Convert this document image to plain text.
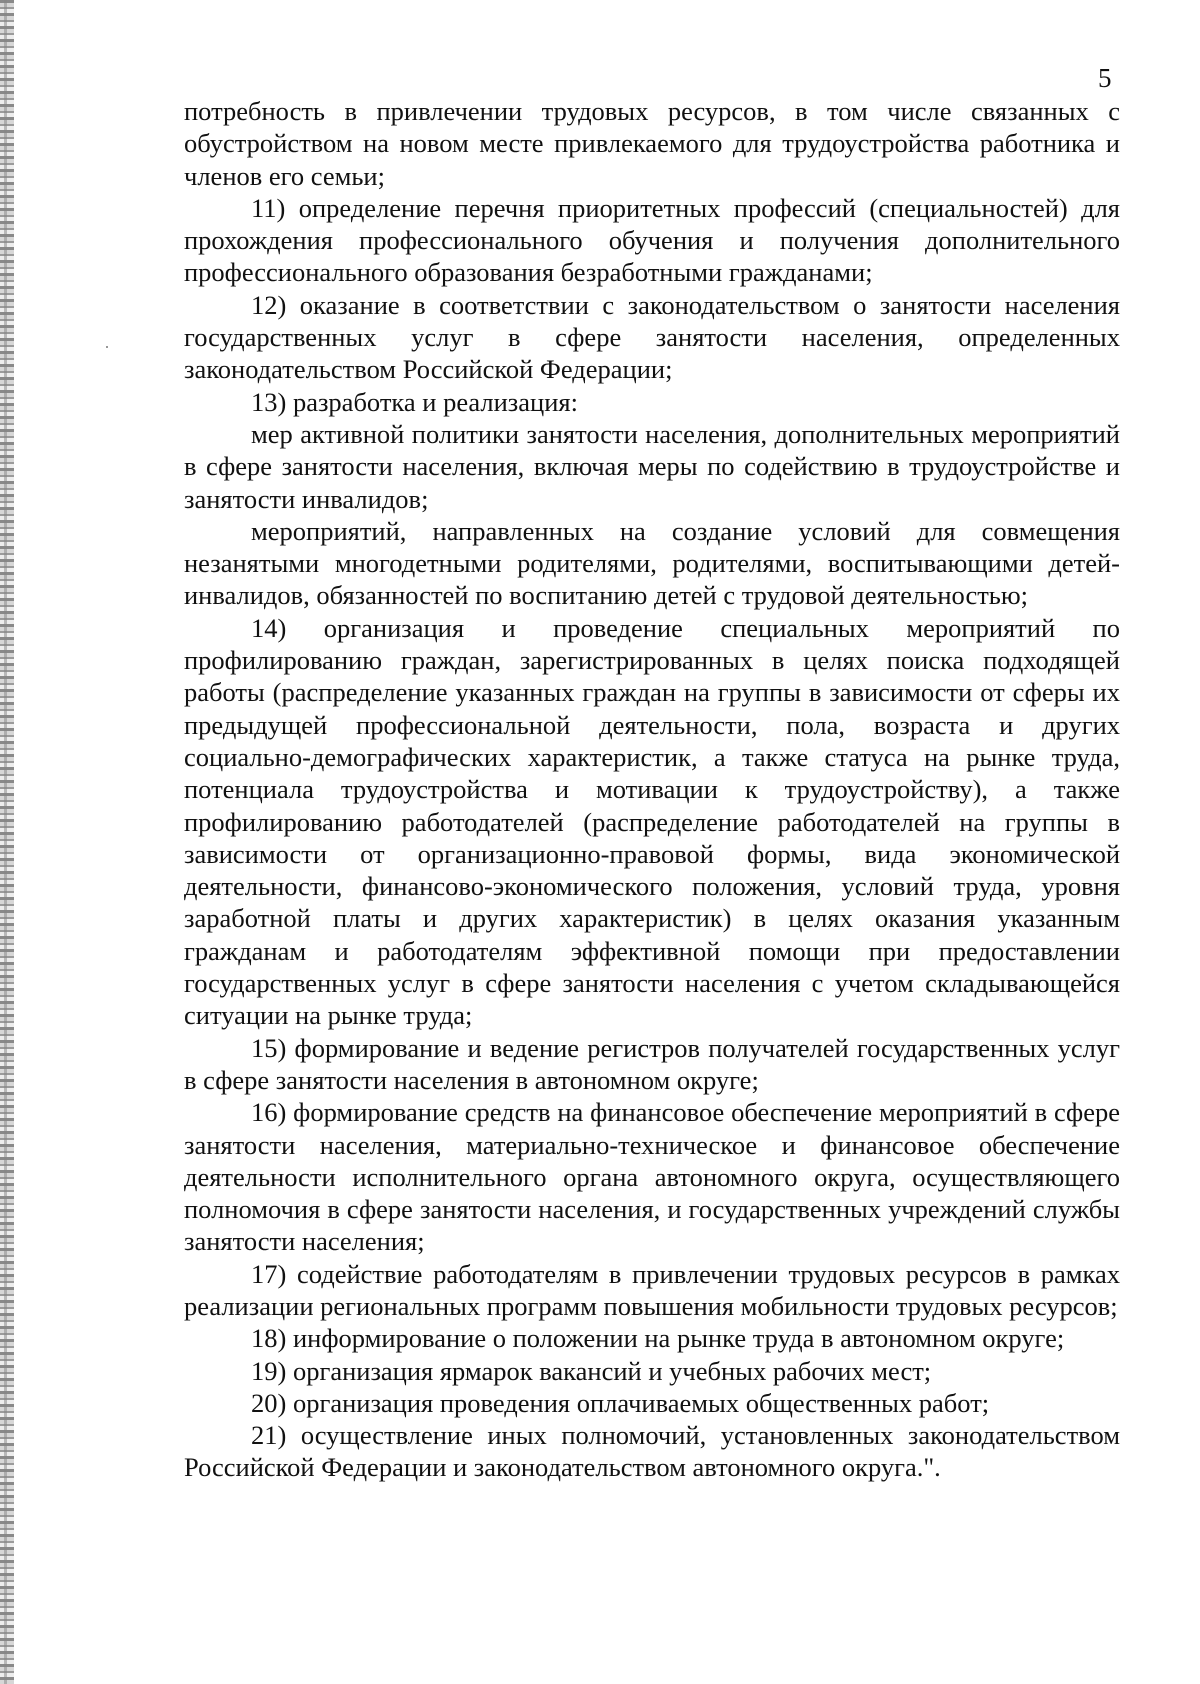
5

потребность в привлечении трудовых ресурсов, в том числе связанных с обустройством на новом месте привлекаемого для трудоустройства работника и членов его семьи;

11) определение перечня приоритетных профессий (специальностей) для прохождения профессионального обучения и получения дополнительного профессионального образования безработными гражданами;

12) оказание в соответствии с законодательством о занятости населения государственных услуг в сфере занятости населения, определенных законодательством Российской Федерации;

13) разработка и реализация:

мер активной политики занятости населения, дополнительных мероприятий в сфере занятости населения, включая меры по содействию в трудоустройстве и занятости инвалидов;

мероприятий, направленных на создание условий для совмещения незанятыми многодетными родителями, родителями, воспитывающими детей-инвалидов, обязанностей по воспитанию детей с трудовой деятельностью;

14) организация и проведение специальных мероприятий по профилированию граждан, зарегистрированных в целях поиска подходящей работы (распределение указанных граждан на группы в зависимости от сферы их предыдущей профессиональной деятельности, пола, возраста и других социально-демографических характеристик, а также статуса на рынке труда, потенциала трудоустройства и мотивации к трудоустройству), а также профилированию работодателей (распределение работодателей на группы в зависимости от организационно-правовой формы, вида экономической деятельности, финансово-экономического положения, условий труда, уровня заработной платы и других характеристик) в целях оказания указанным гражданам и работодателям эффективной помощи при предоставлении государственных услуг в сфере занятости населения с учетом складывающейся ситуации на рынке труда;

15) формирование и ведение регистров получателей государственных услуг в сфере занятости населения в автономном округе;

16) формирование средств на финансовое обеспечение мероприятий в сфере занятости населения, материально-техническое и финансовое обеспечение деятельности исполнительного органа автономного округа, осуществляющего полномочия в сфере занятости населения, и государственных учреждений службы занятости населения;

17) содействие работодателям в привлечении трудовых ресурсов в рамках реализации региональных программ повышения мобильности трудовых ресурсов;

18) информирование о положении на рынке труда в автономном округе;

19) организация ярмарок вакансий и учебных рабочих мест;

20) организация проведения оплачиваемых общественных работ;

21) осуществление иных полномочий, установленных законодательством Российской Федерации и законодательством автономного округа.".
